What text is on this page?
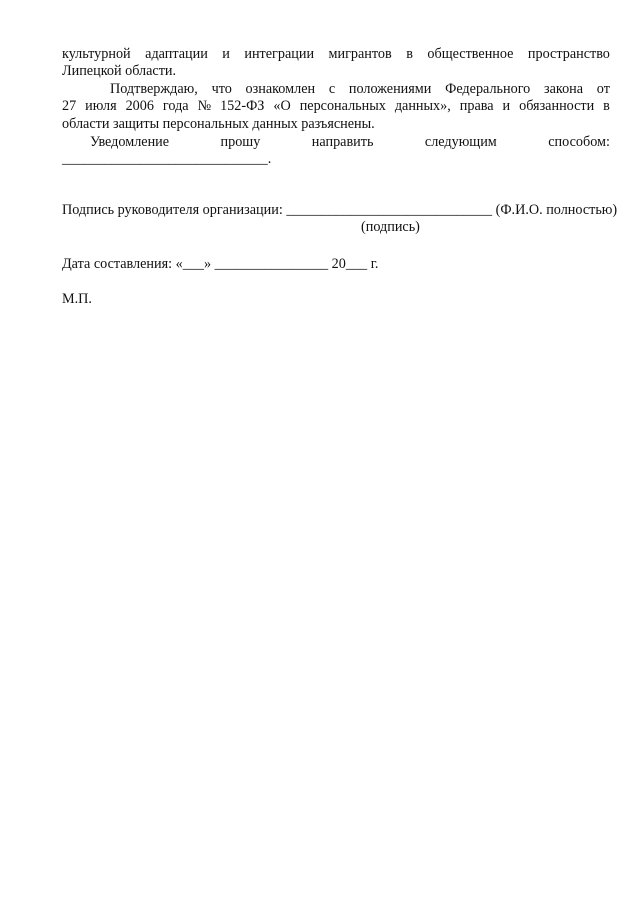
культурной адаптации и интеграции мигрантов в общественное пространство
Липецкой области.
Подтверждаю, что ознакомлен с положениями Федерального закона от
27 июля 2006 года № 152-ФЗ «О персональных данных», права и обязанности в
области защиты персональных данных разъяснены.
Уведомление	прошу	направить	следующим	способом:
_____________________________.
Подпись руководителя организации: _____________________________ (Ф.И.О. полностью)
(подпись)
Дата составления: «___» ________________ 20___ г.
М.П.
